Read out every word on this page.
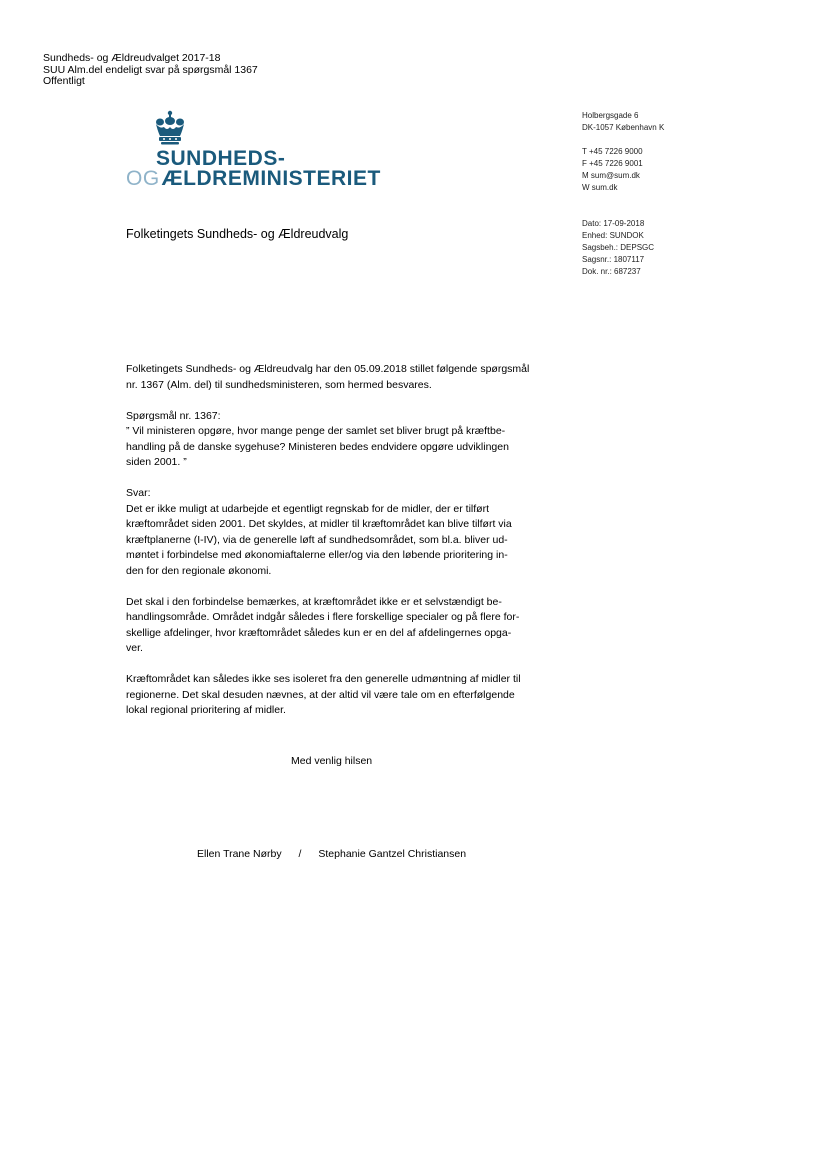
Sundheds- og Ældreudvalget 2017-18
SUU Alm.del endeligt svar på spørgsmål 1367
Offentligt
SUNDHEDS-
OGÆLDREMINISTERIET
Holbergsgade 6
DK-1057 København K
T +45 7226 9000
F +45 7226 9001
M sum@sum.dk
W sum.dk
Dato: 17-09-2018
Enhed: SUNDOK
Sagsbeh.: DEPSGC
Sagsnr.: 1807117
Dok. nr.: 687237
Folketingets Sundheds- og Ældreudvalg

Folketingets Sundheds- og Ældreudvalg har den 05.09.2018 stillet følgende spørgsmål
nr. 1367 (Alm. del) til sundhedsministeren, som hermed besvares.

Spørgsmål nr. 1367:
” Vil ministeren opgøre, hvor mange penge der samlet set bliver brugt på kræftbe-
handling på de danske sygehuse? Ministeren bedes endvidere opgøre udviklingen
siden 2001. ”

Svar:
Det er ikke muligt at udarbejde et egentligt regnskab for de midler, der er tilført
kræftområdet siden 2001. Det skyldes, at midler til kræftområdet kan blive tilført via
kræftplanerne (I-IV), via de generelle løft af sundhedsområdet, som bl.a. bliver ud-
møntet i forbindelse med økonomiaftalerne eller/og via den løbende prioritering in-
den for den regionale økonomi.

Det skal i den forbindelse bemærkes, at kræftområdet ikke er et selvstændigt be-
handlingsområde. Området indgår således i flere forskellige specialer og på flere for-
skellige afdelinger, hvor kræftområdet således kun er en del af afdelingernes opga-
ver.

Kræftområdet kan således ikke ses isoleret fra den generelle udmøntning af midler til
regionerne. Det skal desuden nævnes, at der altid vil være tale om en efterfølgende
lokal regional prioritering af midler.

Med venlig hilsen
Ellen Trane Nørby / Stephanie Gantzel Christiansen
